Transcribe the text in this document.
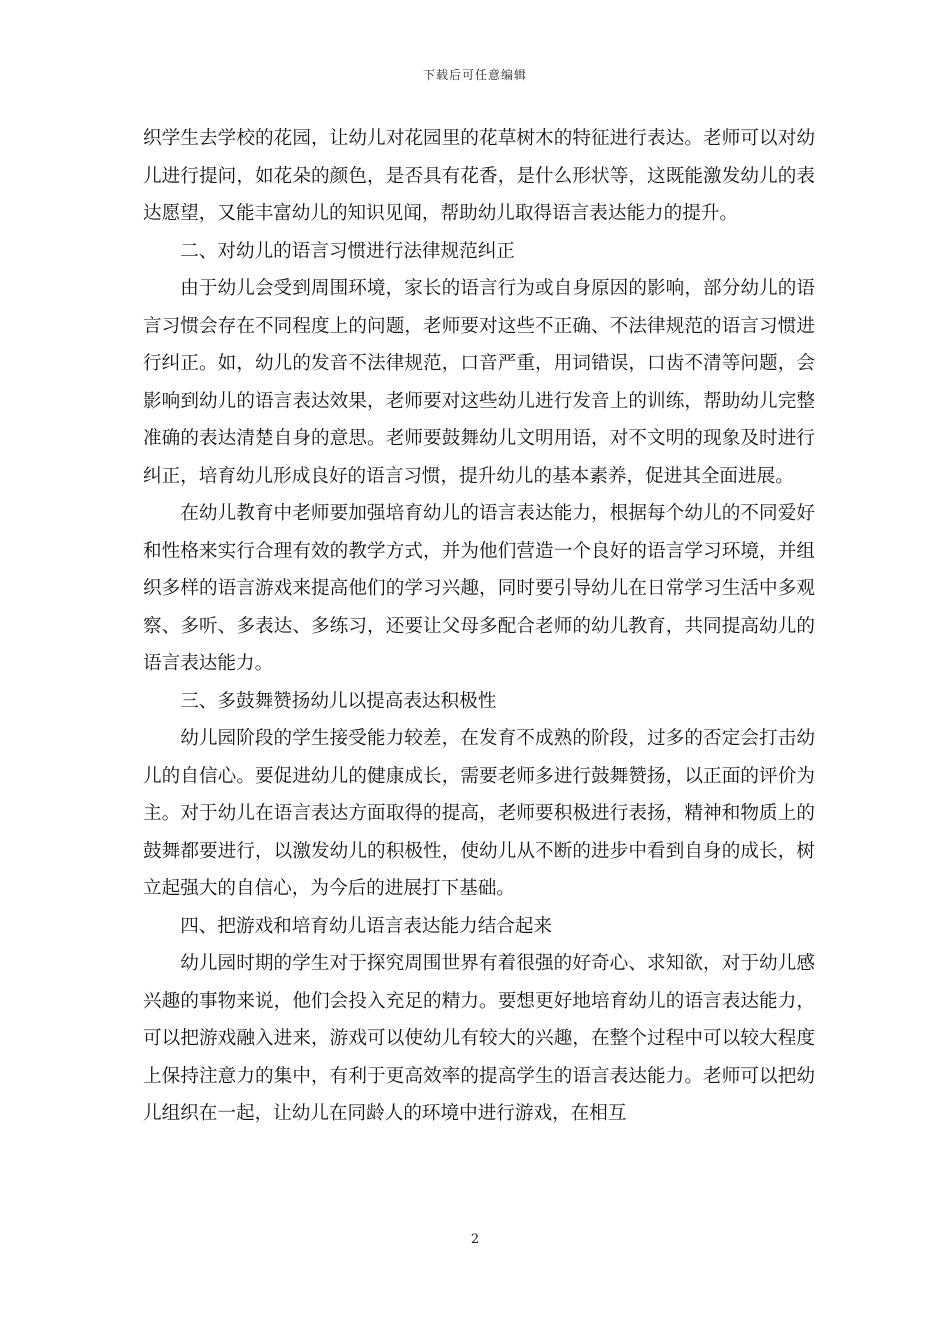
下载后可任意编辑

织学生去学校的花园，让幼儿对花园里的花草树木的特征进行表达。老师可以对幼儿进行提问，如花朵的颜色，是否具有花香，是什么形状等，这既能激发幼儿的表达愿望，又能丰富幼儿的知识见闻，帮助幼儿取得语言表达能力的提升。

二、对幼儿的语言习惯进行法律规范纠正

由于幼儿会受到周围环境，家长的语言行为或自身原因的影响，部分幼儿的语言习惯会存在不同程度上的问题，老师要对这些不正确、不法律规范的语言习惯进行纠正。如，幼儿的发音不法律规范，口音严重，用词错误，口齿不清等问题，会影响到幼儿的语言表达效果，老师要对这些幼儿进行发音上的训练，帮助幼儿完整准确的表达清楚自身的意思。老师要鼓舞幼儿文明用语，对不文明的现象及时进行纠正，培育幼儿形成良好的语言习惯，提升幼儿的基本素养，促进其全面进展。

在幼儿教育中老师要加强培育幼儿的语言表达能力，根据每个幼儿的不同爱好和性格来实行合理有效的教学方式，并为他们营造一个良好的语言学习环境，并组织多样的语言游戏来提高他们的学习兴趣，同时要引导幼儿在日常学习生活中多观察、多听、多表达、多练习，还要让父母多配合老师的幼儿教育，共同提高幼儿的语言表达能力。

三、多鼓舞赞扬幼儿以提高表达积极性

幼儿园阶段的学生接受能力较差，在发育不成熟的阶段，过多的否定会打击幼儿的自信心。要促进幼儿的健康成长，需要老师多进行鼓舞赞扬，以正面的评价为主。对于幼儿在语言表达方面取得的提高，老师要积极进行表扬，精神和物质上的鼓舞都要进行，以激发幼儿的积极性，使幼儿从不断的进步中看到自身的成长，树立起强大的自信心，为今后的进展打下基础。

四、把游戏和培育幼儿语言表达能力结合起来

幼儿园时期的学生对于探究周围世界有着很强的好奇心、求知欲，对于幼儿感兴趣的事物来说，他们会投入充足的精力。要想更好地培育幼儿的语言表达能力，可以把游戏融入进来，游戏可以使幼儿有较大的兴趣，在整个过程中可以较大程度上保持注意力的集中，有利于更高效率的提高学生的语言表达能力。老师可以把幼儿组织在一起，让幼儿在同龄人的环境中进行游戏，在相互

2
